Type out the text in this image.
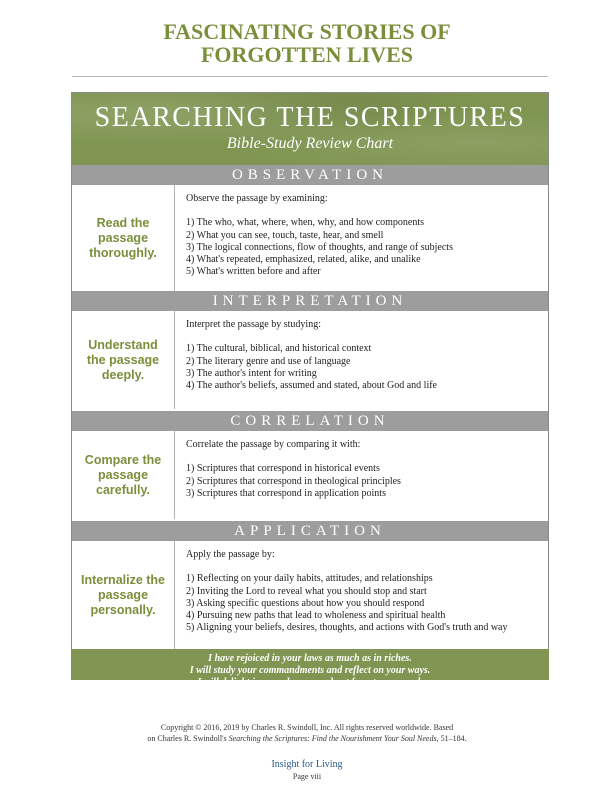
FASCINATING STORIES OF
FORGOTTEN LIVES
SEARCHING THE SCRIPTURES
Bible-Study Review Chart
OBSERVATION
Read the passage thoroughly.
Observe the passage by examining:
1) The who, what, where, when, why, and how components
2) What you can see, touch, taste, hear, and smell
3) The logical connections, flow of thoughts, and range of subjects
4) What's repeated, emphasized, related, alike, and unalike
5) What's written before and after
INTERPRETATION
Understand the passage deeply.
Interpret the passage by studying:
1) The cultural, biblical, and historical context
2) The literary genre and use of language
3) The author's intent for writing
4) The author's beliefs, assumed and stated, about God and life
CORRELATION
Compare the passage carefully.
Correlate the passage by comparing it with:
1) Scriptures that correspond in historical events
2) Scriptures that correspond in theological principles
3) Scriptures that correspond in application points
APPLICATION
Internalize the passage personally.
Apply the passage by:
1) Reflecting on your daily habits, attitudes, and relationships
2) Inviting the Lord to reveal what you should stop and start
3) Asking specific questions about how you should respond
4) Pursuing new paths that lead to wholeness and spiritual health
5) Aligning your beliefs, desires, thoughts, and actions with God's truth and way
I have rejoiced in your laws as much as in riches.
I will study your commandments and reflect on your ways.
I will delight in your decrees and not forget your word.
(Psalm 119:14–16 NLT)
Copyright © 2016, 2019 by Charles R. Swindoll, Inc. All rights reserved worldwide. Based
on Charles R. Swindoll's Searching the Scriptures: Find the Nourishment Your Soul Needs, 51–184.
Insight for Living
Page viii
